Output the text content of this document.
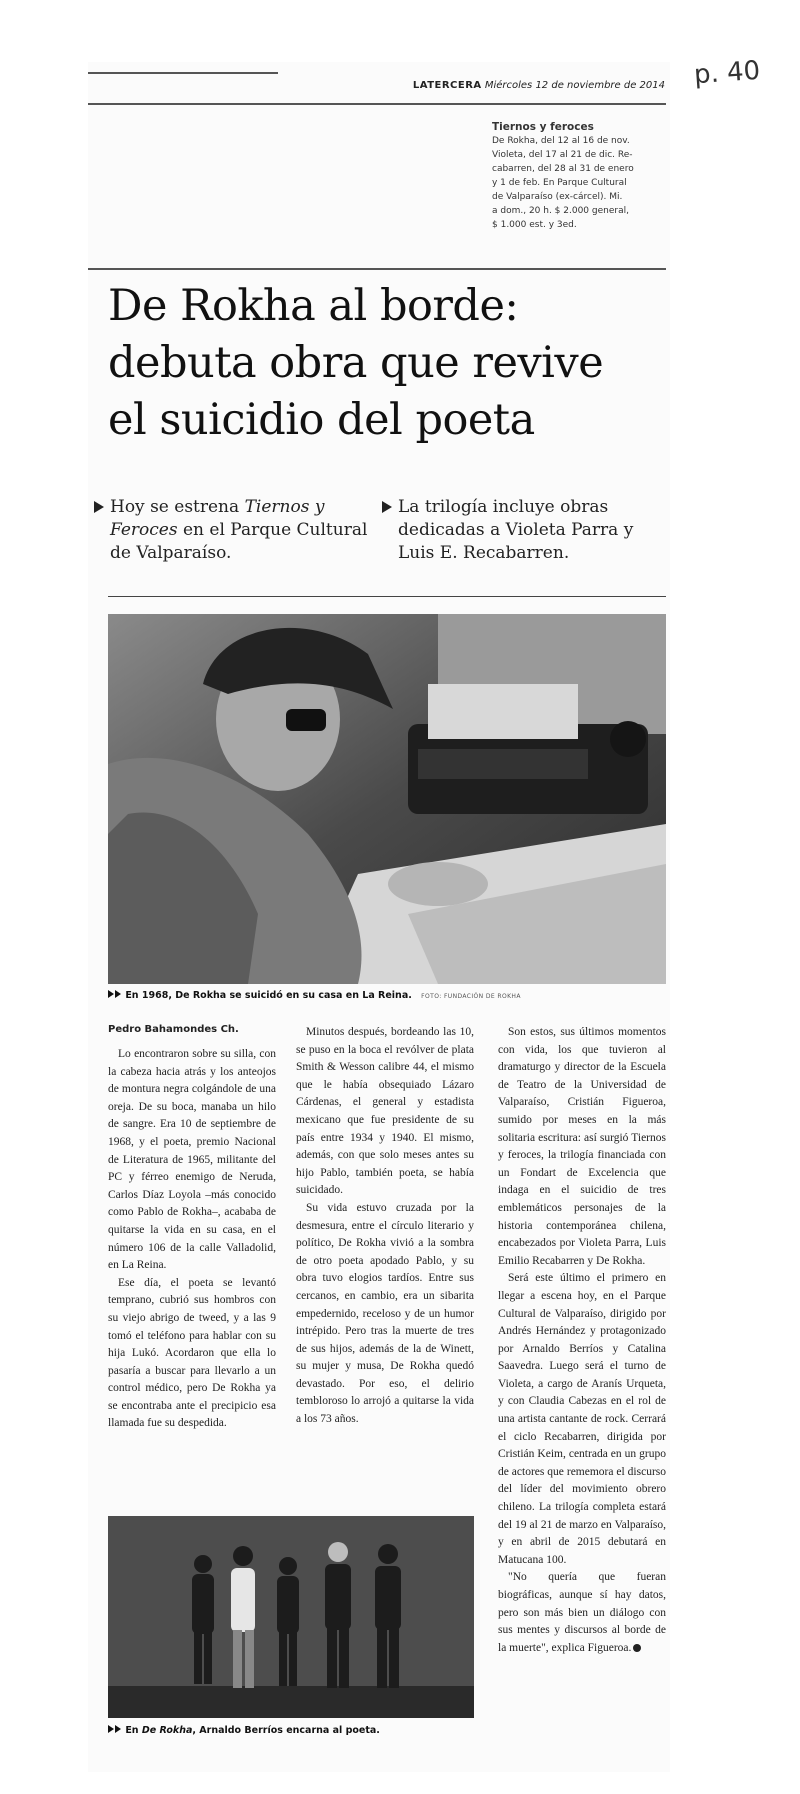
LATERCERA Miércoles 12 de noviembre de 2014 p. 40
Tiernos y feroces
De Rokha, del 12 al 16 de nov.
Violeta, del 17 al 21 de dic. Re-
cabarren, del 28 al 31 de enero
y 1 de feb. En Parque Cultural
de Valparaíso (ex-cárcel). Mi.
a dom., 20 h. $ 2.000 general,
$ 1.000 est. y 3ed.
De Rokha al borde:
debuta obra que revive
el suicidio del poeta
Hoy se estrena Tiernos y Feroces en el Parque Cultural de Valparaíso.
La trilogía incluye obras dedicadas a Violeta Parra y Luis E. Recabarren.
En 1968, De Rokha se suicidó en su casa en La Reina. FOTO: FUNDACIÓN DE ROKHA
Pedro Bahamondes Ch.

Lo encontraron sobre su silla, con la cabeza hacia atrás y los anteojos de montura negra colgándole de una oreja. De su boca, manaba un hilo de sangre. Era 10 de septiembre de 1968, y el poeta, premio Nacional de Literatura de 1965, militante del PC y férreo enemigo de Neruda, Carlos Díaz Loyola –más conocido como Pablo de Rokha–, acababa de quitarse la vida en su casa, en el número 106 de la calle Valladolid, en La Reina.

Ese día, el poeta se levantó temprano, cubrió sus hombros con su viejo abrigo de tweed, y a las 9 tomó el teléfono para hablar con su hija Lukó. Acordaron que ella lo pasaría a buscar para llevarlo a un control médico, pero De Rokha ya se encontraba ante el precipicio esa llamada fue su despedida.

Minutos después, bordeando las 10, se puso en la boca el revólver de plata Smith & Wesson calibre 44, el mismo que le había obsequiado Lázaro Cárdenas, el general y estadista mexicano que fue presidente de su país entre 1934 y 1940. El mismo, además, con que solo meses antes su hijo Pablo, también poeta, se había suicidado.

Su vida estuvo cruzada por la desmesura, entre el círculo literario y político, De Rokha vivió a la sombra de otro poeta apodado Pablo, y su obra tuvo elogios tardíos. Entre sus cercanos, en cambio, era un sibarita empedernido, receloso y de un humor intrépido. Pero tras la muerte de tres de sus hijos, además de la de Winett, su mujer y musa, De Rokha quedó devastado. Por eso, el delirio tembloroso lo arrojó a quitarse la vida a los 73 años.

Son estos, sus últimos momentos con vida, los que tuvieron al dramaturgo y director de la Escuela de Teatro de la Universidad de Valparaíso, Cristián Figueroa, sumido por meses en la más solitaria escritura: así surgió Tiernos y feroces, la trilogía financiada con un Fondart de Excelencia que indaga en el suicidio de tres emblemáticos personajes de la historia contemporánea chilena, encabezados por Violeta Parra, Luis Emilio Recabarren y De Rokha.

Será este último el primero en llegar a escena hoy, en el Parque Cultural de Valparaíso, dirigido por Andrés Hernández y protagonizado por Arnaldo Berríos y Catalina Saavedra. Luego será el turno de Violeta, a cargo de Aranís Urqueta, y con Claudia Cabezas en el rol de una artista cantante de rock. Cerrará el ciclo Recabarren, dirigida por Cristián Keim, centrada en un grupo de actores que rememora el discurso del líder del movimiento obrero chileno. La trilogía completa estará del 19 al 21 de marzo en Valparaíso, y en abril de 2015 debutará en Matucana 100.

"No quería que fueran biográficas, aunque sí hay datos, pero son más bien un diálogo con sus mentes y discursos al borde de la muerte", explica Figueroa.

En De Rokha, Arnaldo Berríos encarna al poeta.
